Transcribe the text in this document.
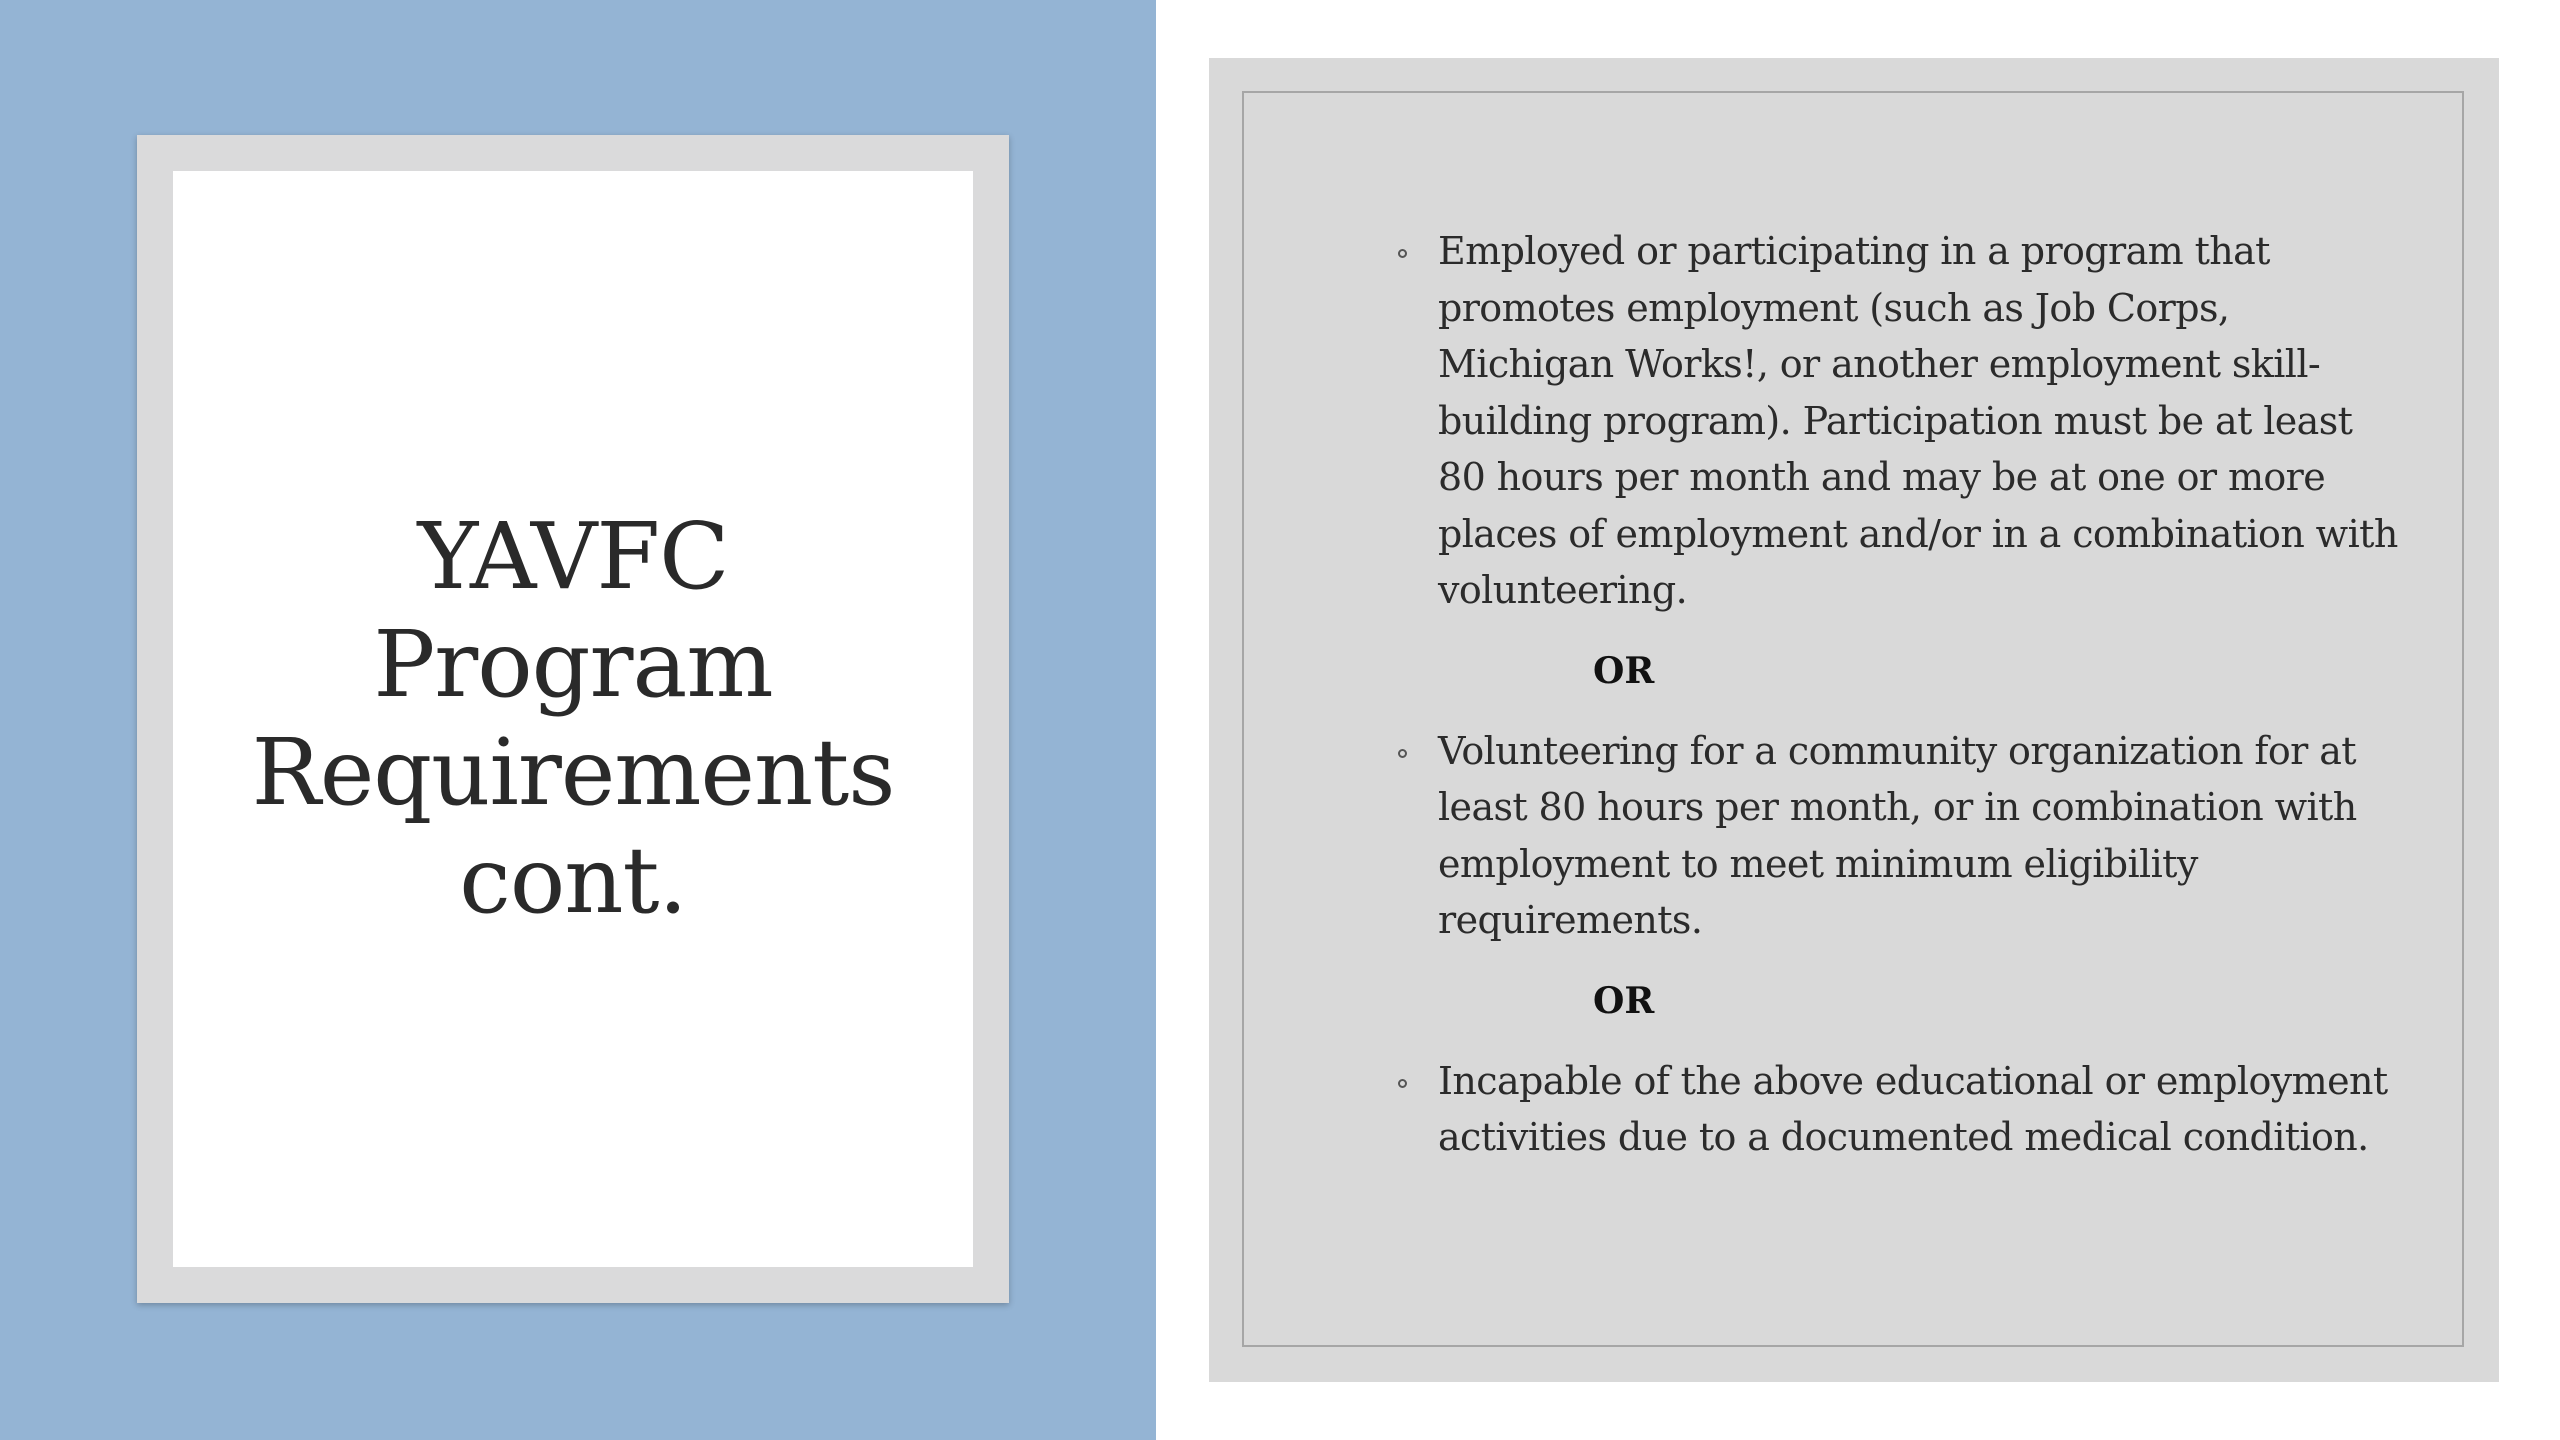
YAVFC Program Requirements cont.
Employed or participating in a program that promotes employment (such as Job Corps, Michigan Works!, or another employment skill-building program). Participation must be at least 80 hours per month and may be at one or more places of employment and/or in a combination with volunteering.
OR
Volunteering for a community organization for at least 80 hours per month, or in combination with employment to meet minimum eligibility requirements.
OR
Incapable of the above educational or employment activities due to a documented medical condition.
